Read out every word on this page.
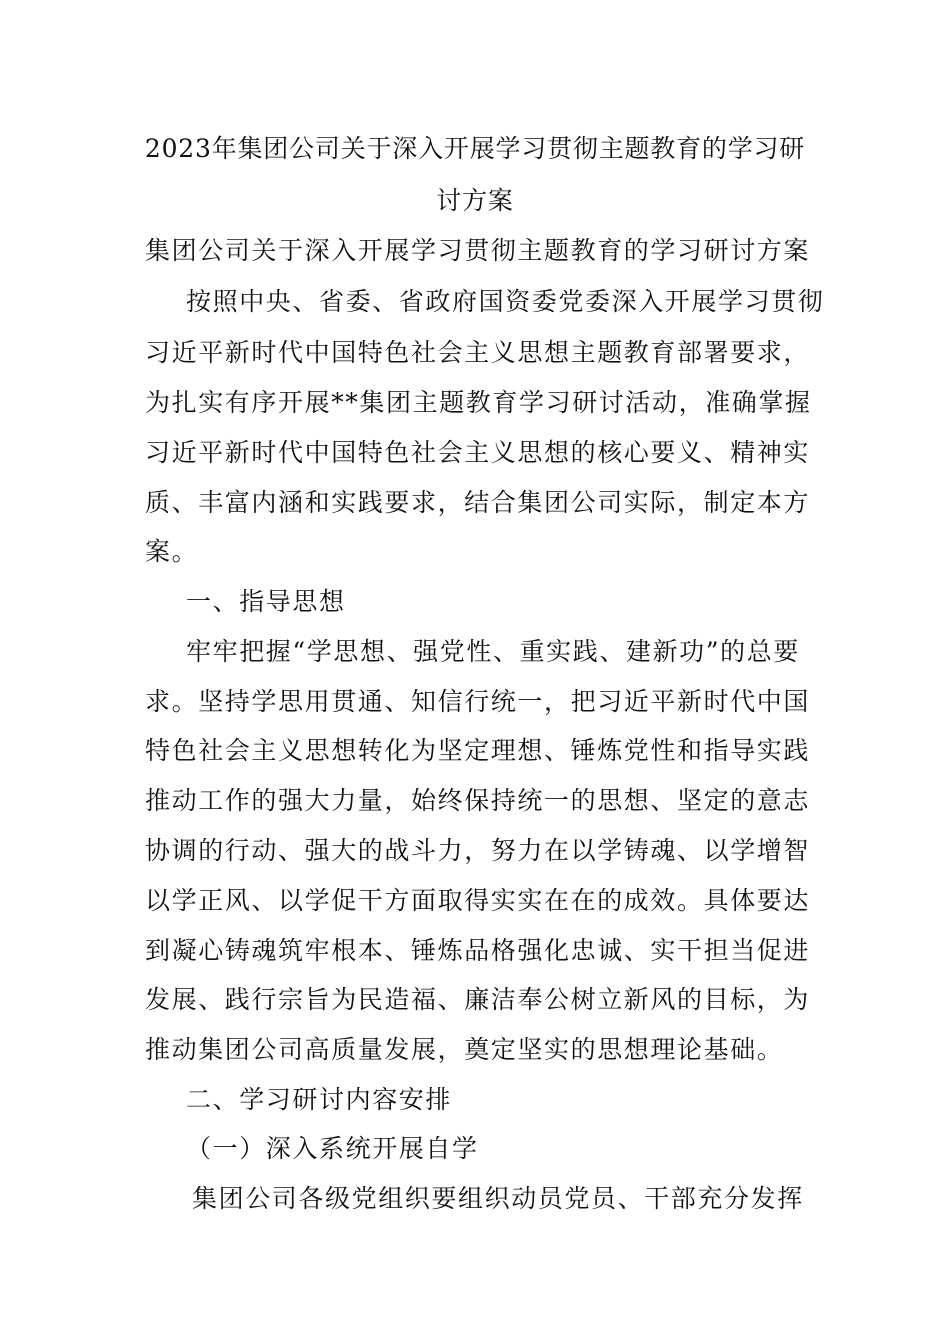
2023年集团公司关于深入开展学习贯彻主题教育的学习研
讨方案
集团公司关于深入开展学习贯彻主题教育的学习研讨方案
按照中央、省委、省政府国资委党委深入开展学习贯彻
习近平新时代中国特色社会主义思想主题教育部署要求，
为扎实有序开展**集团主题教育学习研讨活动，准确掌握
习近平新时代中国特色社会主义思想的核心要义、精神实
质、丰富内涵和实践要求，结合集团公司实际，制定本方
案。
一、指导思想
牢牢把握“学思想、强党性、重实践、建新功”的总要
求。坚持学思用贯通、知信行统一，把习近平新时代中国
特色社会主义思想转化为坚定理想、锤炼党性和指导实践
推动工作的强大力量，始终保持统一的思想、坚定的意志
协调的行动、强大的战斗力，努力在以学铸魂、以学增智
以学正风、以学促干方面取得实实在在的成效。具体要达
到凝心铸魂筑牢根本、锤炼品格强化忠诚、实干担当促进
发展、践行宗旨为民造福、廉洁奉公树立新风的目标，为
推动集团公司高质量发展，奠定坚实的思想理论基础。
二、学习研讨内容安排
（一）深入系统开展自学
集团公司各级党组织要组织动员党员、干部充分发挥
